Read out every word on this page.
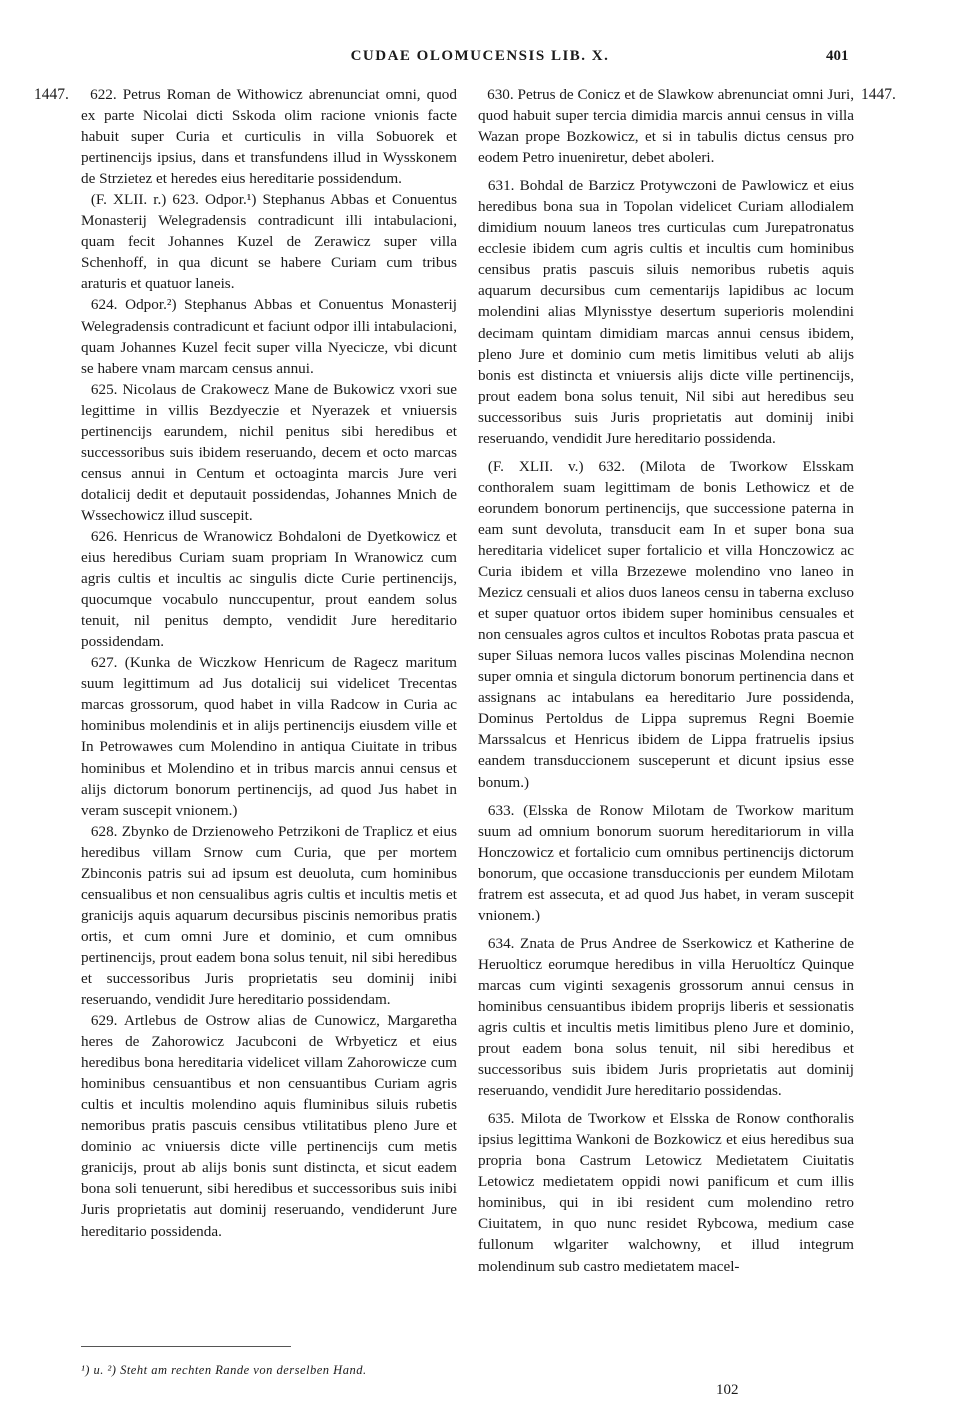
CUDAE OLOMUCENSIS LIB. X.	401
1447.	1447.

622. Petrus Roman de Withowicz abrenunciat omni, quod ex parte Nicolai dicti Sskoda olim racione vnionis facte habuit super Curia et curticulis in villa Sobuorek et pertinencijs ipsius, dans et transfundens illud in Wysskonem de Strzietez et heredes eius hereditarie possidendum.

(F. XLII. r.) 623. Odpor.¹) Stephanus Abbas et Conuentus Monasterij Welegradensis contradicunt illi intabulacioni, quam fecit Johannes Kuzel de Zerawicz super villa Schenhoff, in qua dicunt se habere Curiam cum tribus araturis et quatuor laneis.

624. Odpor.²) Stephanus Abbas et Conuentus Monasterij Welegradensis contradicunt et faciunt odpor illi intabulacioni, quam Johannes Kuzel fecit super villa Nyecicze, vbi dicunt se habere vnam marcam census annui.

625. Nicolaus de Crakowecz Mane de Bukowicz vxori sue legittime in villis Bezdyeczie et Nyerazek et vniuersis pertinencijs earundem, nichil penitus sibi heredibus et successoribus suis ibidem reseruando, decem et octo marcas census annui in Centum et octoaginta marcis Jure veri dotalicij dedit et deputauit possidendas, Johannes Mnich de Wssechowicz illud suscepit.

626. Henricus de Wranowicz Bohdaloni de Dyetkowicz et eius heredibus Curiam suam propriam In Wranowicz cum agris cultis et incultis ac singulis dicte Curie pertinencijs, quocumque vocabulo nunccupentur, prout eandem solus tenuit, nil penitus dempto, vendidit Jure hereditario possidendam.

627. (Kunka de Wiczkow Henricum de Ragecz maritum suum legittimum ad Jus dotalicij sui videlicet Trecentas marcas grossorum, quod habet in villa Radcow in Curia ac hominibus molendinis et in alijs pertinencijs eiusdem ville et In Petrowawes cum Molendino in antiqua Ciuitate in tribus hominibus et Molendino et in tribus marcis annui census et alijs dictorum bonorum pertinencijs, ad quod Jus habet in veram suscepit vnionem.)

628. Zbynko de Drzienoweho Petrzikoni de Traplicz et eius heredibus villam Srnow cum Curia, que per mortem Zbinconis patris sui ad ipsum est deuoluta, cum hominibus censualibus et non censualibus agris cultis et incultis metis et granicijs aquis aquarum decursibus piscinis nemoribus pratis ortis, et cum omni Jure et dominio, et cum omnibus pertinencijs, prout eadem bona solus tenuit, nil sibi heredibus et successoribus Juris proprietatis seu dominij inibi reseruando, vendidit Jure hereditario possidendam.

629. Artlebus de Ostrow alias de Cunowicz, Margaretha heres de Zahorowicz Jacubconi de Wrbyeticz et eius heredibus bona hereditaria videlicet villam Zahorowicze cum hominibus censuantibus et non censuantibus Curiam agris cultis et incultis molendino aquis fluminibus siluis rubetis nemoribus pratis pascuis censibus vtilitatibus pleno Jure et dominio ac vniuersis dicte ville pertinencijs cum metis granicijs, prout ab alijs bonis sunt distincta, et sicut eadem bona soli tenuerunt, sibi heredibus et successoribus suis inibi Juris proprietatis aut dominij reseruando, vendiderunt Jure hereditario possidenda.

630. Petrus de Conicz et de Slawkow abrenunciat omni Juri, quod habuit super tercia dimidia marcis annui census in villa Wazan prope Bozkowicz, et si in tabulis dictus census pro eodem Petro inueniretur, debet aboleri.

631. Bohdal de Barzicz Protywczoni de Pawlowicz et eius heredibus bona sua in Topolan videlicet Curiam allodialem dimidium nouum laneos tres curticulas cum Jurepatronatus ecclesie ibidem cum agris cultis et incultis cum hominibus censibus pratis pascuis siluis nemoribus rubetis aquis aquarum decursibus cum cementarijs lapidibus ac locum molendini alias Mlynisstye desertum superioris molendini decimam quintam dimidiam marcas annui census ibidem, pleno Jure et dominio cum metis limitibus veluti ab alijs bonis est distincta et vniuersis alijs dicte ville pertinencijs, prout eadem bona solus tenuit, Nil sibi aut heredibus seu successoribus suis Juris proprietatis aut dominij inibi reseruando, vendidit Jure hereditario possidenda.

(F. XLII. v.) 632. (Milota de Tworkow Elsskam conthoralem suam legittimam de bonis Lethowicz et de eorundem bonorum pertinencijs, que successione paterna in eam sunt devoluta, transducit eam In et super bona sua hereditaria videlicet super fortalicio et villa Honczowicz ac Curia ibidem et villa Brzezewe molendino vno laneo in Mezicz censuali et alios duos laneos censu in taberna excluso et super quatuor ortos ibidem super hominibus censuales et non censuales agros cultos et incultos Robotas prata pascua et super Siluas nemora lucos valles piscinas Molendina necnon super omnia et singula dictorum bonorum pertinencia dans et assignans ac intabulans ea hereditario Jure possidenda, Dominus Pertoldus de Lippa supremus Regni Boemie Marssalcus et Henricus ibidem de Lippa fratruelis ipsius eandem transduccionem susceperunt et dicunt ipsius esse bonum.)

633. (Elsska de Ronow Milotam de Tworkow maritum suum ad omnium bonorum suorum hereditariorum in villa Honczowicz et fortalicio cum omnibus pertinencijs dictorum bonorum, que occasione transduccionis per eundem Milotam fratrem est assecuta, et ad quod Jus habet, in veram suscepit vnionem.)

634. Znata de Prus Andree de Sserkowicz et Katherine de Heruolticz eorumque heredibus in villa Heruoltícz Quinque marcas cum viginti sexagenis grossorum annui census in hominibus censuantibus ibidem proprijs liberis et sessionatis agris cultis et incultis metis limitibus pleno Jure et dominio, prout eadem bona solus tenuit, nil sibi heredibus et successoribus suis ibidem Juris proprietatis aut dominij reseruando, vendidit Jure hereditario possidendas.

635. Milota de Tworkow et Elsska de Ronow contħoralis ipsius legittima Wankoni de Bozkowicz et eius heredibus sua propria bona Castrum Letowicz Medietatem Ciuitatis Letowicz medietatem oppidi nowi panificum et cum illis hominibus, qui in ibi resident cum molendino retro Ciuitatem, in quo nunc residet Rybcowa, medium case fullonum wlgariter walchowny, et illud integrum molendinum sub castro medietatem macel-

¹) u. ²) Steht am rechten Rande von derselben Hand.
102
